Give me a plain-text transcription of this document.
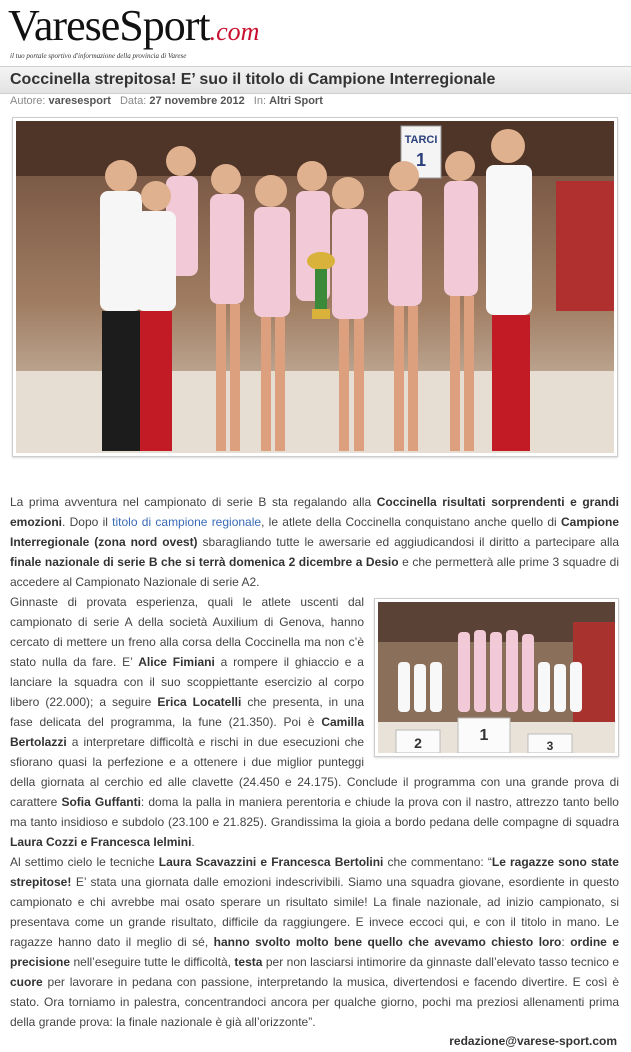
VareseSport.com
il tuo portale sportivo d'informazione della provincia di Varese
Coccinella strepitosa! E’ suo il titolo di Campione Interregionale
Autore: varesesport Data: 27 novembre 2012 In: Altri Sport
TARCI
1

La prima avventura nel campionato di serie B sta regalando alla Coccinella risultati sorprendenti e grandi emozioni. Dopo il titolo di campione regionale, le atlete della Coccinella conquistano anche quello di Campione Interregionale (zona nord ovest) sbaragliando tutte le awersarie ed aggiudicandosi il diritto a partecipare alla finale nazionale di serie B che si terrà domenica 2 dicembre a Desio e che permetterà alle prime 3 squadre di accedere al Campionato Nazionale di serie A2.

2	1
3

Ginnaste di provata esperienza, quali le atlete uscenti dal campionato di serie A della società Auxilium di Genova, hanno cercato di mettere un freno alla corsa della Coccinella ma non c’è stato nulla da fare. E’ Alice Fimiani a rompere il ghiaccio e a lanciare la squadra con il suo scoppiettante esercizio al corpo libero (22.000); a seguire Erica Locatelli che presenta, in una fase delicata del programma, la fune (21.350). Poi è Camilla Bertolazzi a interpretare difficoltà e rischi in due esecuzioni che sfiorano quasi la perfezione e a ottenere i due miglior punteggi della giornata al cerchio ed alle clavette (24.450 e 24.175). Conclude il programma con una grande prova di carattere Sofia Guffanti: doma la palla in maniera perentoria e chiude la prova con il nastro, attrezzo tanto bello ma tanto insidioso e subdolo (23.100 e 21.825). Grandissima la gioia a bordo pedana delle compagne di squadra Laura Cozzi e Francesca Ielmini.

Al settimo cielo le tecniche Laura Scavazzini e Francesca Bertolini che commentano: “Le ragazze sono state strepitose! E’ stata una giornata dalle emozioni indescrivibili. Siamo una squadra giovane, esordiente in questo campionato e chi avrebbe mai osato sperare un risultato simile! La finale nazionale, ad inizio campionato, si presentava come un grande risultato, difficile da raggiungere. E invece eccoci qui, e con il titolo in mano. Le ragazze hanno dato il meglio di sé, hanno svolto molto bene quello che avevamo chiesto loro: ordine e precisione nell’eseguire tutte le difficoltà, testa per non lasciarsi intimorire da ginnaste dall’elevato tasso tecnico e cuore per lavorare in pedana con passione, interpretando la musica, divertendosi e facendo divertire. E così è stato. Ora torniamo in palestra, concentrandoci ancora per qualche giorno, pochi ma preziosi allenamenti prima della grande prova: la finale nazionale è già all’orizzonte”.

redazione@varese-sport.com
